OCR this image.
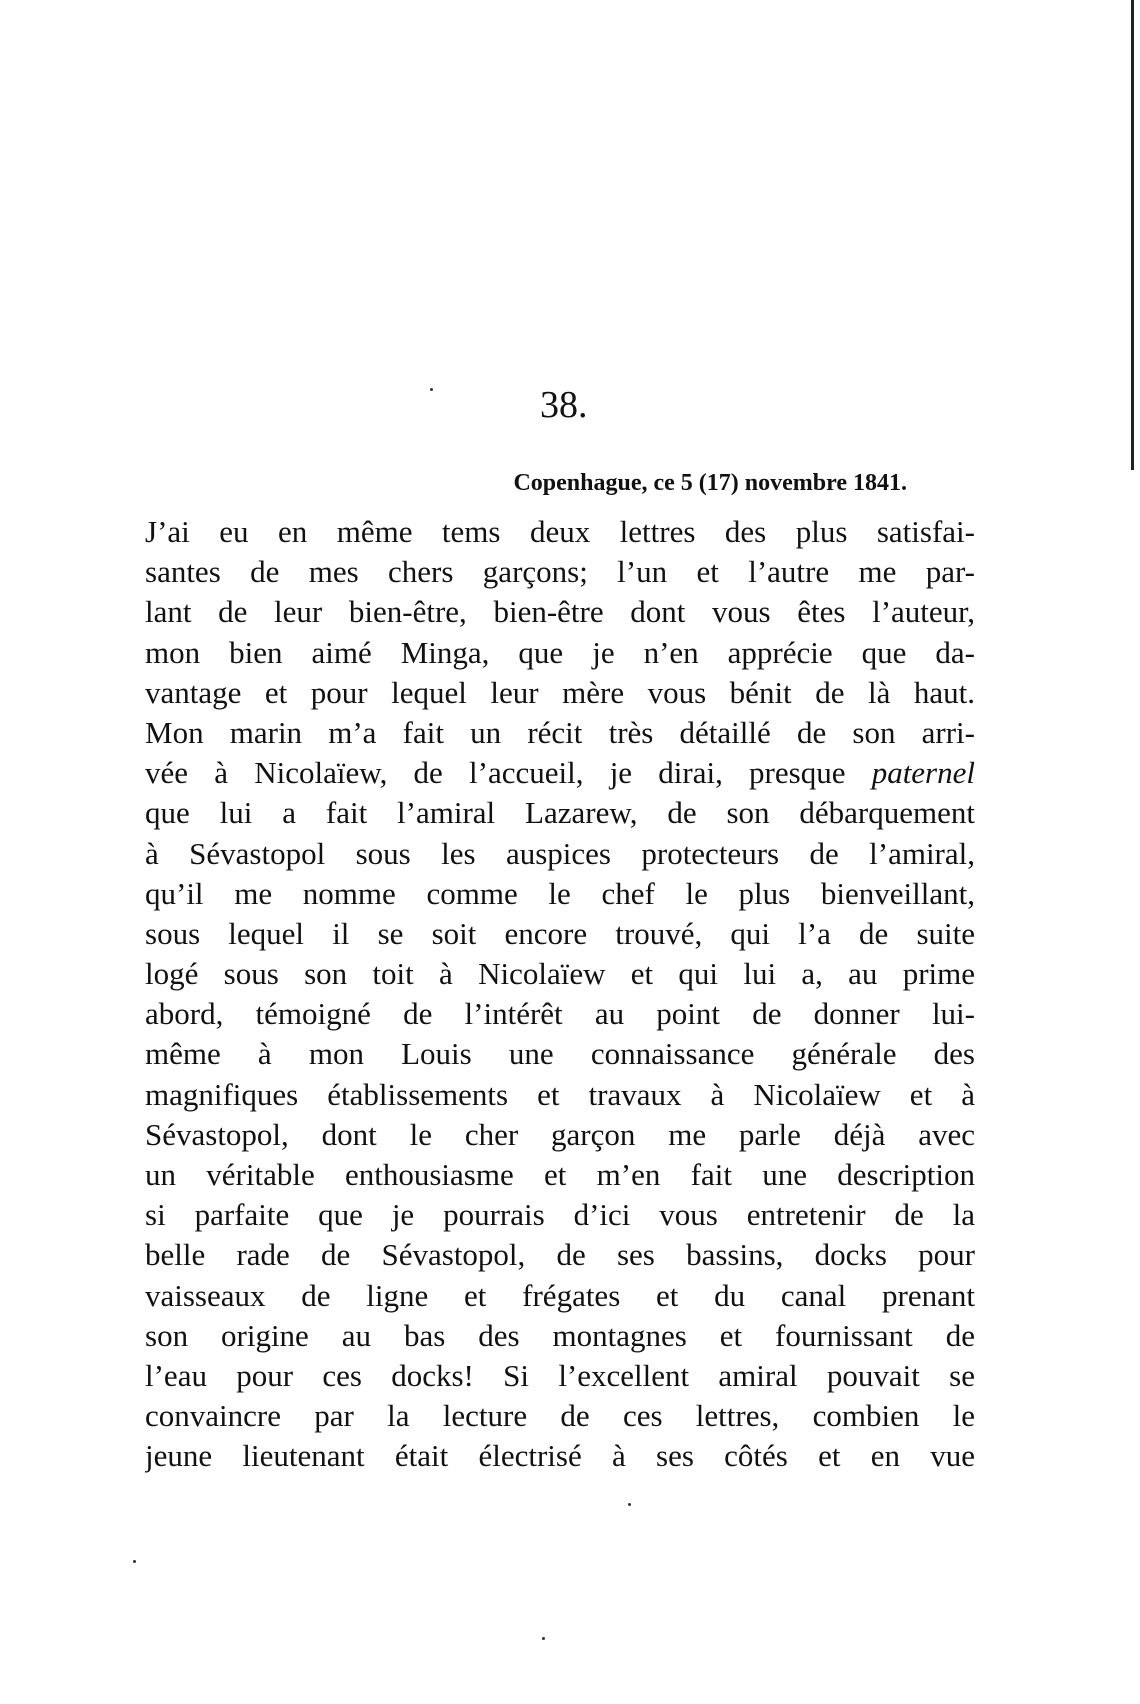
38.
Copenhague, ce 5 (17) novembre 1841.
J’ai eu en même tems deux lettres des plus satisfai-
santes de mes chers garçons; l’un et l’autre me par-
lant de leur bien-être, bien-être dont vous êtes l’auteur,
mon bien aimé Minga, que je n’en apprécie que da-
vantage et pour lequel leur mère vous bénit de là haut.
Mon marin m’a fait un récit très détaillé de son arri-
vée à Nicolaïew, de l’accueil, je dirai, presque paternel
que lui a fait l’amiral Lazarew, de son débarquement
à Sévastopol sous les auspices protecteurs de l’amiral,
qu’il me nomme comme le chef le plus bienveillant,
sous lequel il se soit encore trouvé, qui l’a de suite
logé sous son toit à Nicolaïew et qui lui a, au prime
abord, témoigné de l’intérêt au point de donner lui-
même à mon Louis une connaissance générale des
magnifiques établissements et travaux à Nicolaïew et à
Sévastopol, dont le cher garçon me parle déjà avec
un véritable enthousiasme et m’en fait une description
si parfaite que je pourrais d’ici vous entretenir de la
belle rade de Sévastopol, de ses bassins, docks pour
vaisseaux de ligne et frégates et du canal prenant
son origine au bas des montagnes et fournissant de
l’eau pour ces docks! Si l’excellent amiral pouvait se
convaincre par la lecture de ces lettres, combien le
jeune lieutenant était électrisé à ses côtés et en vue
